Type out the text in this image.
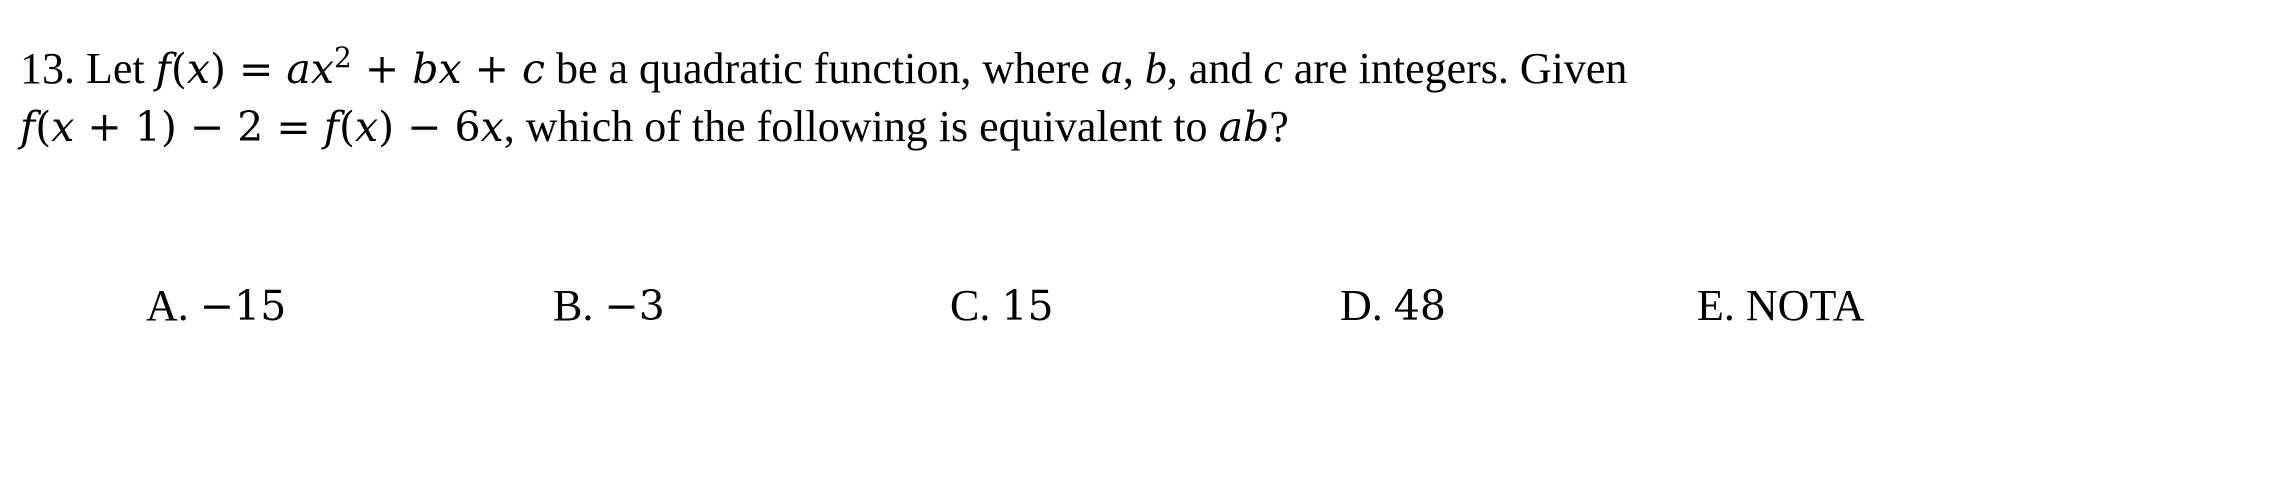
13. Let $f(x) = ax^2$ + bx + c be a quadratic function, where a, b, and c are integers. Given
f(x + 1) − 2 = f(x) − 6x, which of the following is equivalent to ab?
A. −15	B. −3	C. 15	D. 48	E. NOTA
